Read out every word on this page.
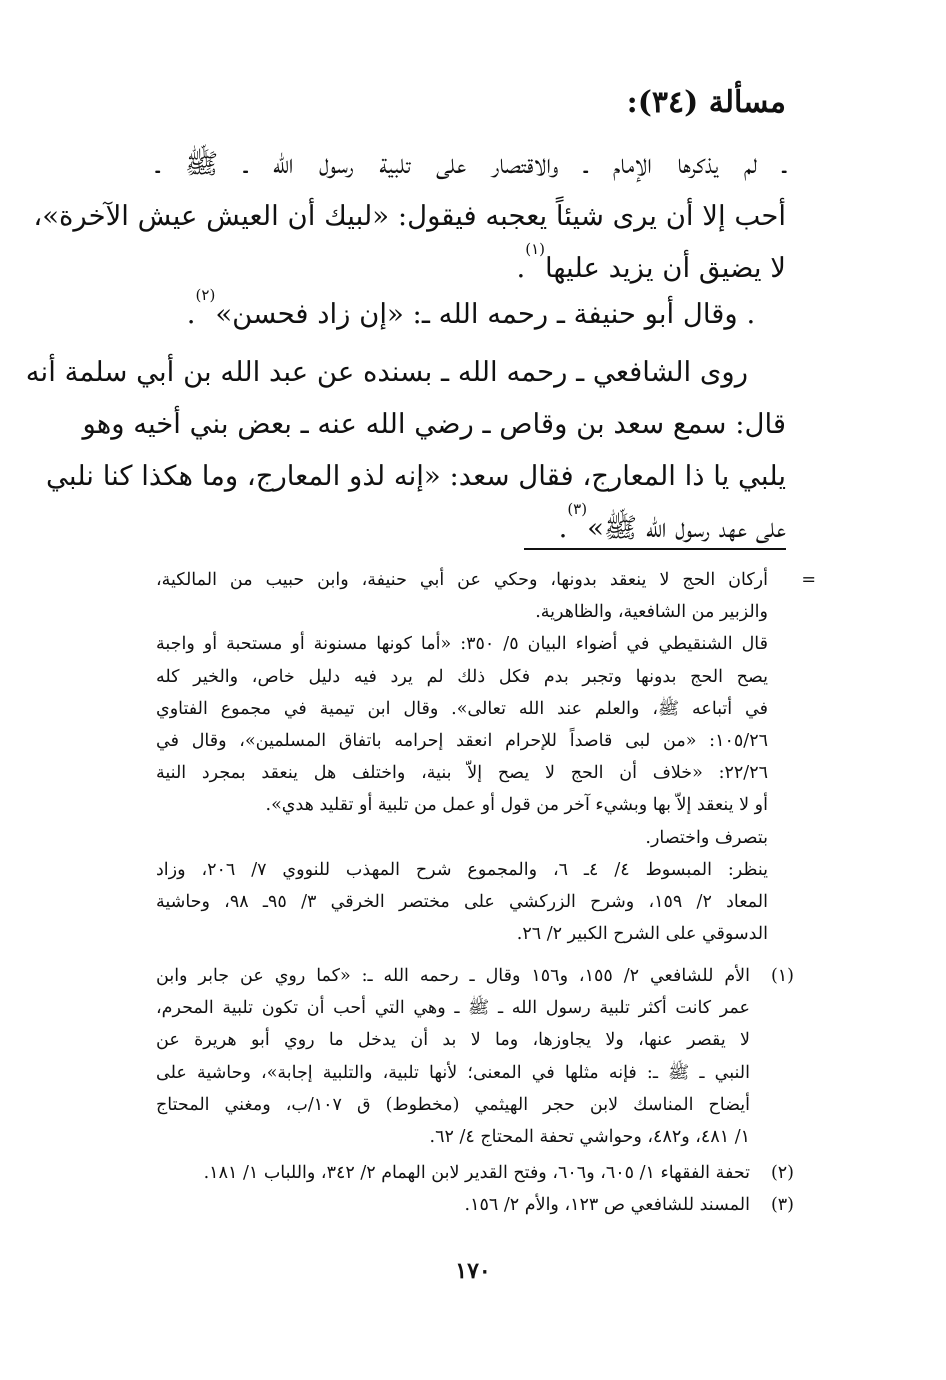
مسألة (٣٤):
ـ لم يذكرها الإمام ـ والاقتصار على تلبية رسول الله ـ ﷺ ـ
أحب إلا أن يرى شيئاً يعجبه فيقول: «لبيك أن العيش عيش الآخرة»،
لا يضيق أن يزيد عليها$^{(١)}$.
. وقال أبو حنيفة ـ رحمه الله ـ: «إن زاد فحسن»$^{(٢)}$.
روى الشافعي ـ رحمه الله ـ بسنده عن عبد الله بن أبي سلمة أنه
قال: سمع سعد بن وقاص ـ رضي الله عنه ـ بعض بني أخيه وهو
يلبي يا ذا المعارج، فقال سعد: «إنه لذو المعارج، وما هكذا كنا نلبي
على عهد رسول الله ﷺ»$^{(٣)}$.
=
أركان الحج لا ينعقد بدونها، وحكي عن أبي حنيفة، وابن حبيب من المالكية،
والزبير من الشافعية، والظاهرية.
قال الشنقيطي في أضواء البيان ٥/ ٣٥٠: «أما كونها مسنونة أو مستحبة أو واجبة
يصح الحج بدونها وتجبر بدم فكل ذلك لم يرد فيه دليل خاص، والخير كله
في أتباعه ﷺ، والعلم عند الله تعالى». وقال ابن تيمية في مجموع الفتاوي
١٠٥/٢٦: «من لبى قاصداً للإحرام انعقد إحرامه باتفاق المسلمين»، وقال في
٢٢/٢٦: «خلاف أن الحج لا يصح إلاّ بنية، واختلف هل ينعقد بمجرد النية
أو لا ينعقد إلاّ بها وبشيء آخر من قول أو عمل من تلبية أو تقليد هدي».
بتصرف واختصار.
ينظر: المبسوط ٤/ ٤ـ ٦، والمجموع شرح المهذب للنووي ٧/ ٢٠٦، وزاد
المعاد ٢/ ١٥٩، وشرح الزركشي على مختصر الخرقي ٣/ ٩٥ـ ٩٨، وحاشية
الدسوقي على الشرح الكبير ٢/ ٢٦.
(١)
الأم للشافعي ٢/ ١٥٥، و١٥٦ وقال ـ رحمه الله ـ: «كما روي عن جابر وابن
عمر كانت أكثر تلبية رسول الله ـ ﷺ ـ وهي التي أحب أن تكون تلبية المحرم،
لا يقصر عنها، ولا يجاوزها، وما لا بد أن يدخل ما روي أبو هريرة عن
النبي ـ ﷺ ـ: فإنه مثلها في المعنى؛ لأنها تلبية، والتلبية إجابة»، وحاشية على
أيضاح المناسك لابن حجر الهيثمي (مخطوط) ق ١٠٧/ب، ومغني المحتاج
١/ ٤٨١، و٤٨٢، وحواشي تحفة المحتاج ٤/ ٦٢.
(٢)
تحفة الفقهاء ١/ ٦٠٥، و٦٠٦، وفتح القدير لابن الهمام ٢/ ٣٤٢، واللباب ١/ ١٨١.
(٣)
المسند للشافعي ص ١٢٣، والأم ٢/ ١٥٦.
١٧٠
